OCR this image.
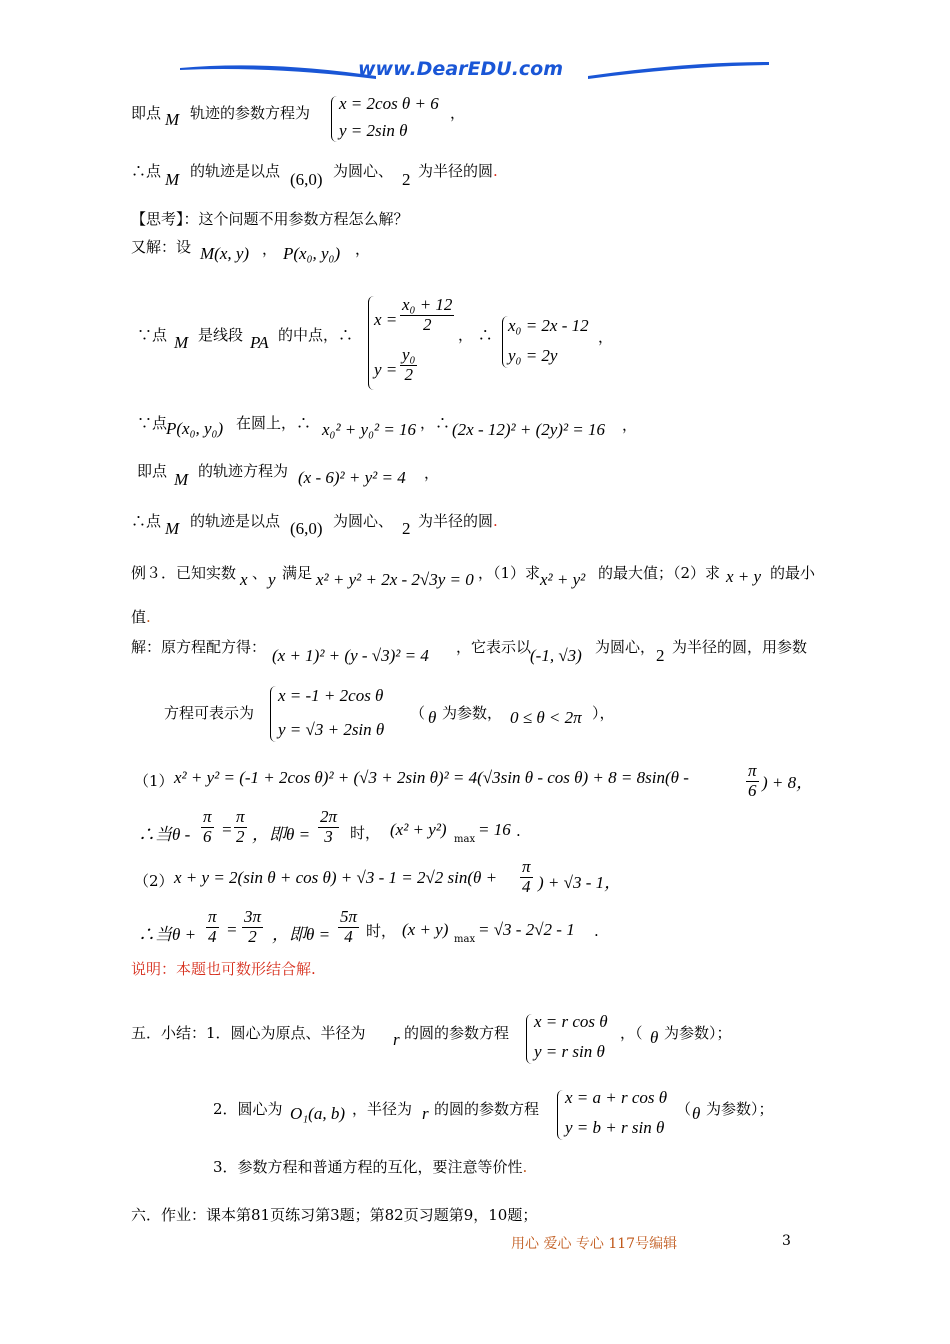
www.DearEDU.com
即点 M 轨迹的参数方程为 x = 2cos θ + 6
y = 2sin θ
，
∴点 M 的轨迹是以点 (6,0) 为圆心、 2 为半径的圆.
【思考】：这个问题不用参数方程怎么解？
又解：设 M(x, y) ， P(x₀, y₀) ，
∵点 M 是线段 PA 的中点，∴
$x = \frac{\text{x₀ + 12}}{2}$
$y = \frac{\text{y₀}}{2}$
， ∴ x₀ = 2x - 12
y₀ = 2y
，
∵点
P(x₀, y₀) 在圆上，∴ x₀² + y₀² = 16 ，∴ (2x - 12)² + (2y)² = 16 ，
即点 M 的轨迹方程为 (x - 6)² + y² = 4 ，
∴点 M 的轨迹是以点 (6,0) 为圆心、 2 为半径的圆.
例３．已知实数 x 、 y 满足 x² + y² + 2x - 2√3y = 0 ，（1）求 x² + y² 的最大值；（2）求 x + y 的最小
值.
解：原方程配方得： (x + 1)² + (y - √3)² = 4 ，它表示以
(-1, √3) 为圆心， 2 为半径的圆，用参数
方程可表示为
x = -1 + 2cos θ
y = √3 + 2sin θ
（ θ 为参数， 0 ≤ θ < 2π ），
（1） x² + y² = (-1 + 2cos θ)² + (√3 + 2sin θ)² = 4(√3sin θ - cos θ) + 8 = 8sin(θ -	$\frac{\pi}{6}$ ) + 8，
∴当$\theta - \frac{\pi}{6} = \frac{\pi}{2}$ ，即$\theta = \frac{2\pi}{3}$ 时， (x² + y²)
max
= 16 .
（2） x + y = 2(sin θ + cos θ) + √3 - 1 = 2√2 $\sin(\theta + \frac{\pi}{4}$ ) + √3 - 1，
∴当$\theta + \frac{\pi}{4} = \frac{3\pi}{2}$ ，即$\theta = \frac{5\pi}{4}$ 时， (x + y)
max
= √3 - 2√2 - 1 .
说明：本题也可数形结合解.
五．小结：1．圆心为原点、半径为 r 的圆的参数方程
x = r cos θ
y = r sin θ
，（ θ 为参数）；
2．圆心为 O₁(a, b) ，半径为 r 的圆的参数方程
x = a + r cos θ
y = b + r sin θ
（ θ 为参数）；
3．参数方程和普通方程的互化，要注意等价性.
六．作业：课本第81页练习第3题；第82页习题第9，10题；
用心 爱心 专心 117号编辑	3
